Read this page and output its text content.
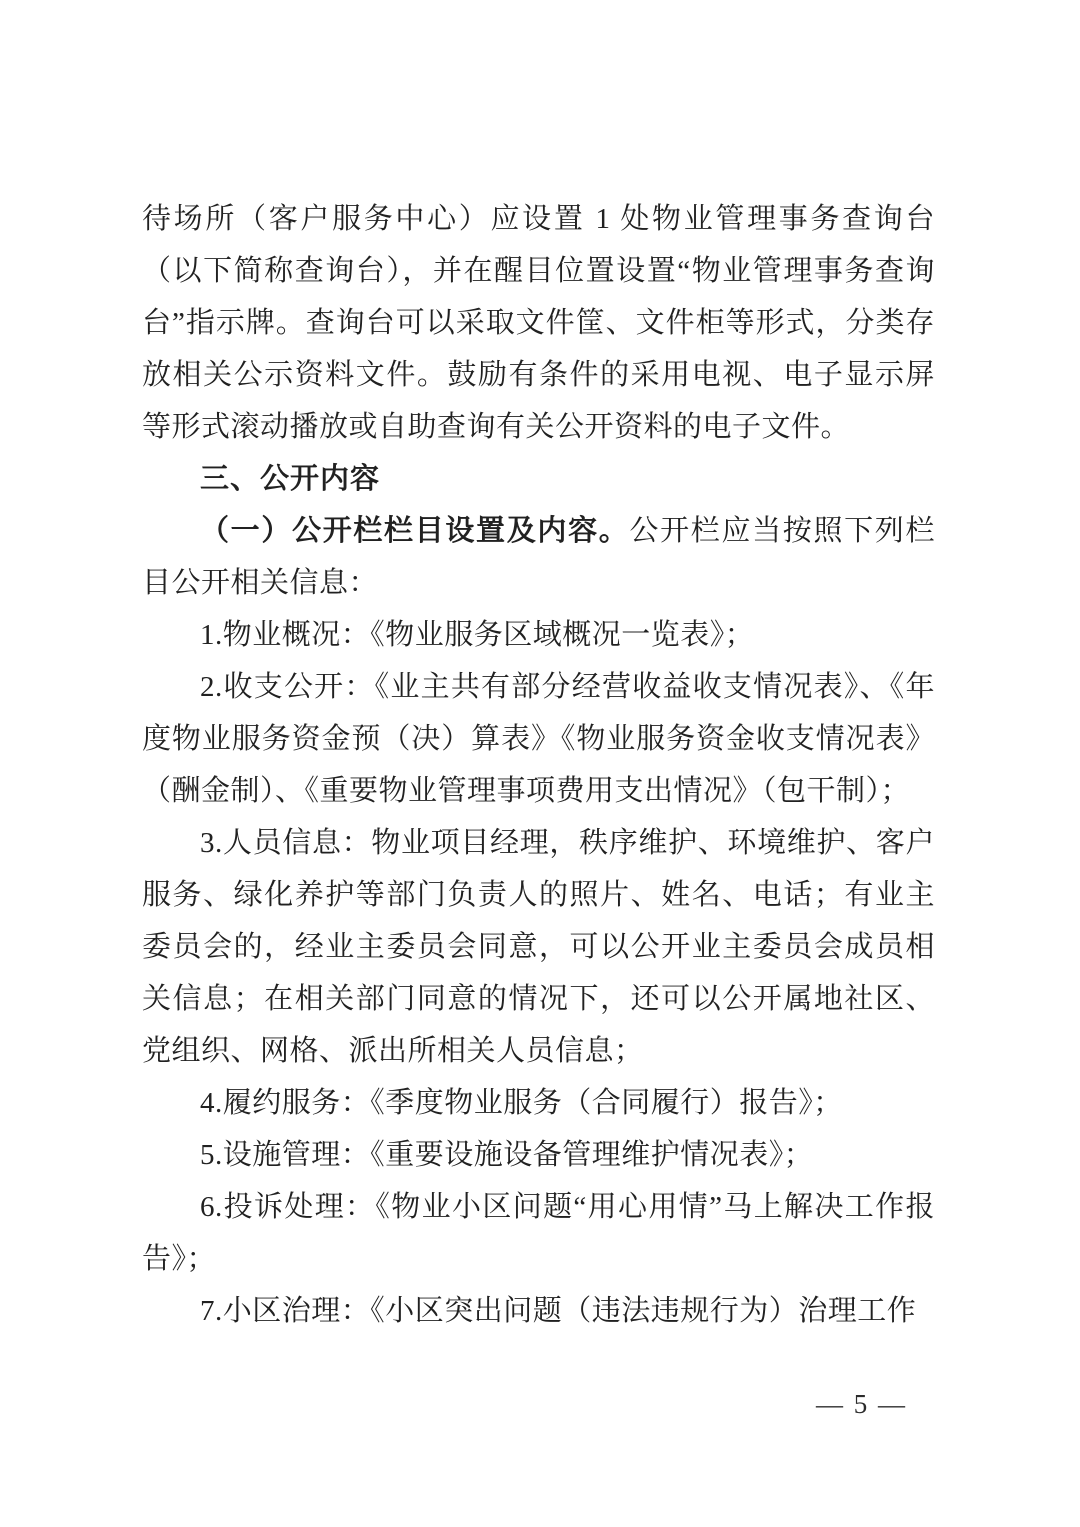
待场所（客户服务中心）应设置 1 处物业管理事务查询台（以下简称查询台），并在醒目位置设置“物业管理事务查询台”指示牌。查询台可以采取文件筐、文件柜等形式，分类存放相关公示资料文件。鼓励有条件的采用电视、电子显示屏等形式滚动播放或自助查询有关公开资料的电子文件。

三、公开内容

（一）公开栏栏目设置及内容。公开栏应当按照下列栏目公开相关信息：

1.物业概况：《物业服务区域概况一览表》；

2.收支公开：《业主共有部分经营收益收支情况表》、《年度物业服务资金预（决）算表》《物业服务资金收支情况表》（酬金制）、《重要物业管理事项费用支出情况》（包干制）；

3.人员信息：物业项目经理，秩序维护、环境维护、客户服务、绿化养护等部门负责人的照片、姓名、电话；有业主委员会的，经业主委员会同意，可以公开业主委员会成员相关信息；在相关部门同意的情况下，还可以公开属地社区、党组织、网格、派出所相关人员信息；

4.履约服务：《季度物业服务（合同履行）报告》；

5.设施管理：《重要设施设备管理维护情况表》；

6.投诉处理：《物业小区问题“用心用情”马上解决工作报告》；

7.小区治理：《小区突出问题（违法违规行为）治理工作

— 5 —
